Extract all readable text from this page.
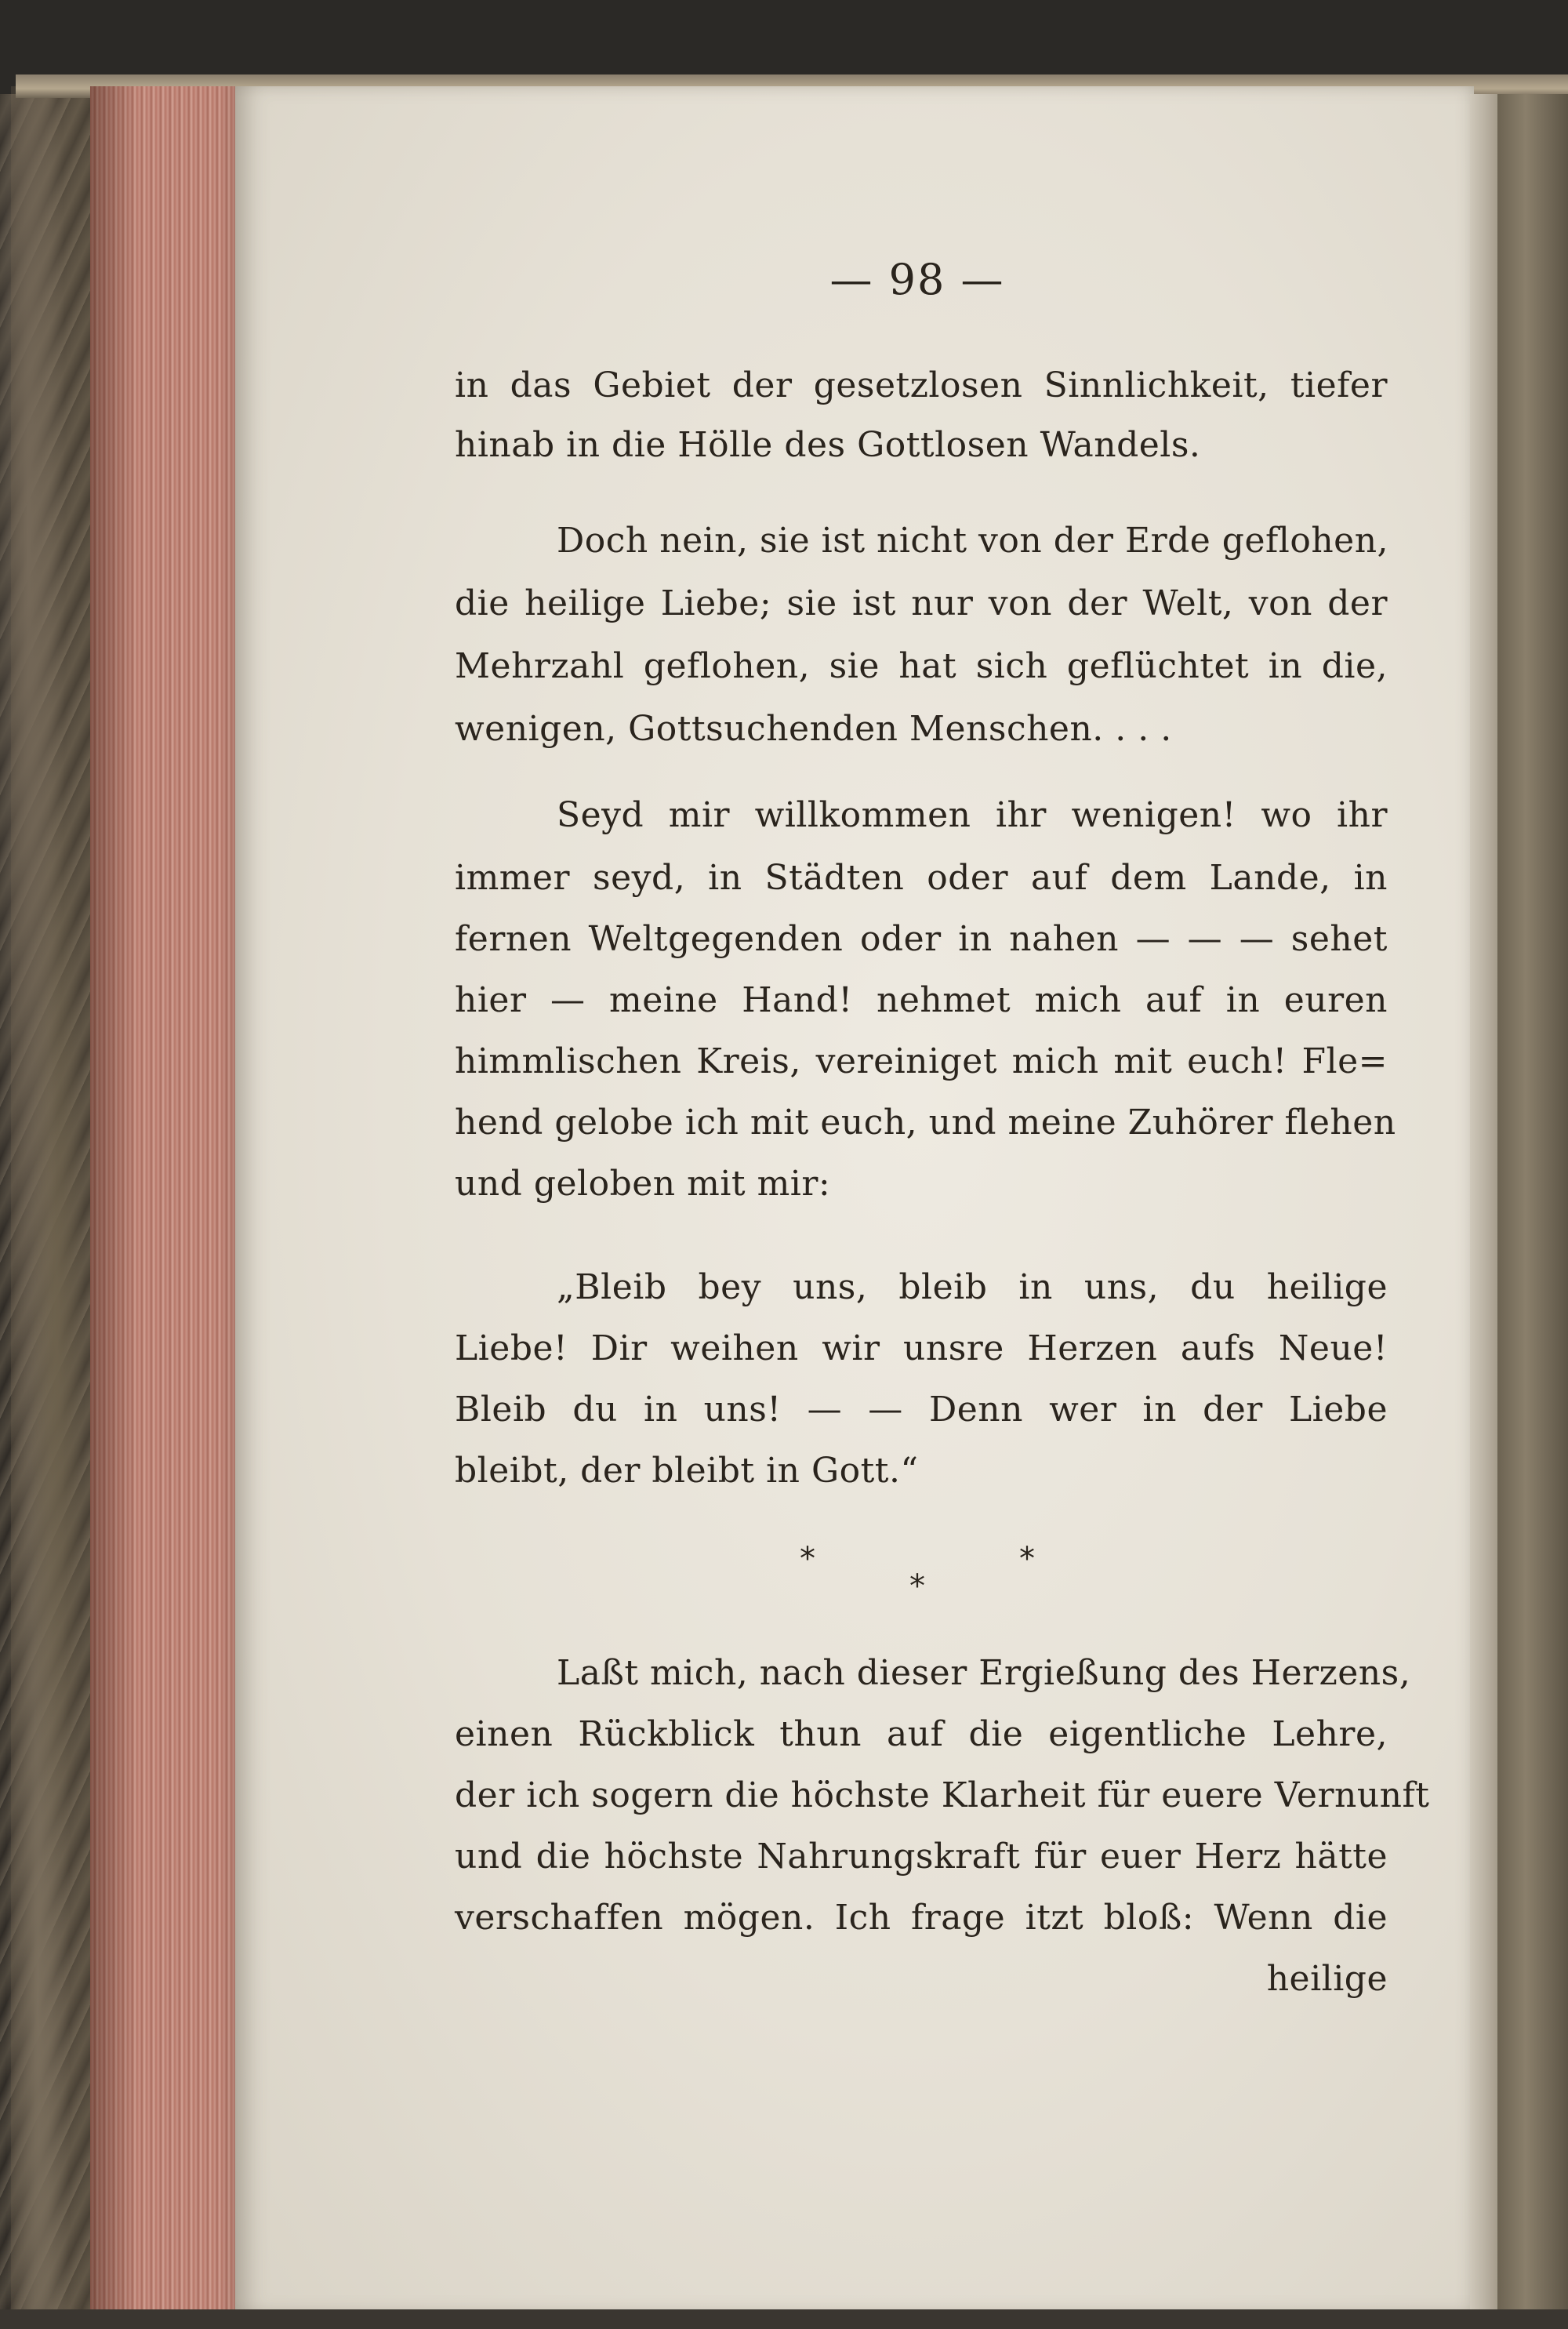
— 98 —
in das Gebiet der gesetzlosen Sinnlichkeit, tiefer
hinab in die Hölle des Gottlosen Wandels.
Doch nein, sie ist nicht von der Erde geflohen,
die heilige Liebe; sie ist nur von der Welt, von der
Mehrzahl geflohen, sie hat sich geflüchtet in die,
wenigen, Gottsuchenden Menschen. . . .
Seyd mir willkommen ihr wenigen! wo ihr
immer seyd, in Städten oder auf dem Lande, in
fernen Weltgegenden oder in nahen — — — sehet
hier — meine Hand! nehmet mich auf in euren
himmlischen Kreis, vereiniget mich mit euch! Fle=
hend gelobe ich mit euch, und meine Zuhörer flehen
und geloben mit mir:
„Bleib bey uns, bleib in uns, du heilige
Liebe! Dir weihen wir unsre Herzen aufs Neue!
Bleib du in uns! — — Denn wer in der Liebe
bleibt, der bleibt in Gott.“
Laßt mich, nach dieser Ergießung des Herzens,
einen Rückblick thun auf die eigentliche Lehre,
der ich sogern die höchste Klarheit für euere Vernunft
und die höchste Nahrungskraft für euer Herz hätte
verschaffen mögen. Ich frage itzt bloß: Wenn die
heilige
*
*
*
